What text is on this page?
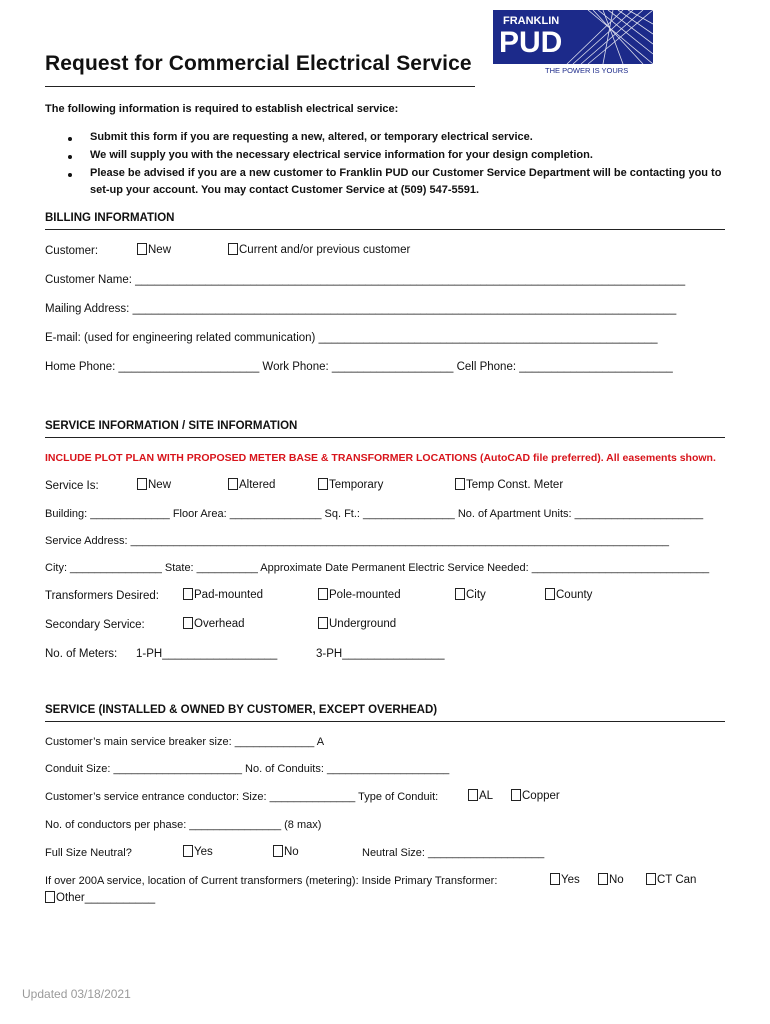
FRANKLIN
PUD
THE POWER IS YOURS
Request for Commercial Electrical Service
The following information is required to establish electrical service:
Submit this form if you are requesting a new, altered, or temporary electrical service.
We will supply you with the necessary electrical service information for your design completion.
Please be advised if you are a new customer to Franklin PUD our Customer Service Department will be contacting you to
set-up your account. You may contact Customer Service at (509) 547-5591.
BILLING INFORMATION
Customer:	New	Current and/or previous customer
Customer Name: ______________________________________________________________________________________
Mailing Address: _____________________________________________________________________________________
E-mail: (used for engineering related communication) _____________________________________________________
Home Phone: ______________________ Work Phone: ___________________ Cell Phone: ________________________
SERVICE INFORMATION / SITE INFORMATION
INCLUDE PLOT PLAN WITH PROPOSED METER BASE & TRANSFORMER LOCATIONS (AutoCAD file preferred). All easements shown.
Service Is:	New	Altered	Temporary	Temp Const. Meter
Building: _____________ Floor Area: _______________ Sq. Ft.: _______________ No. of Apartment Units: _____________________
Service Address: ________________________________________________________________________________________
City: _______________ State: __________ Approximate Date Permanent Electric Service Needed: _____________________________
Transformers Desired:	Pad-mounted	Pole-mounted	City	County
Secondary Service:	Overhead	Underground
No. of Meters: 1-PH__________________	3-PH________________
SERVICE (INSTALLED & OWNED BY CUSTOMER, EXCEPT OVERHEAD)
Customer’s main service breaker size: _____________ A
Conduit Size: _____________________ No. of Conduits: ____________________
Customer’s service entrance conductor: Size: ______________ Type of Conduit:	AL	Copper
No. of conductors per phase: _______________ (8 max)
Full Size Neutral?	Yes	No	Neutral Size: ___________________
If over 200A service, location of Current transformers (metering): Inside Primary Transformer:	Yes	No	CT Can
Other___________
Updated 03/18/2021
